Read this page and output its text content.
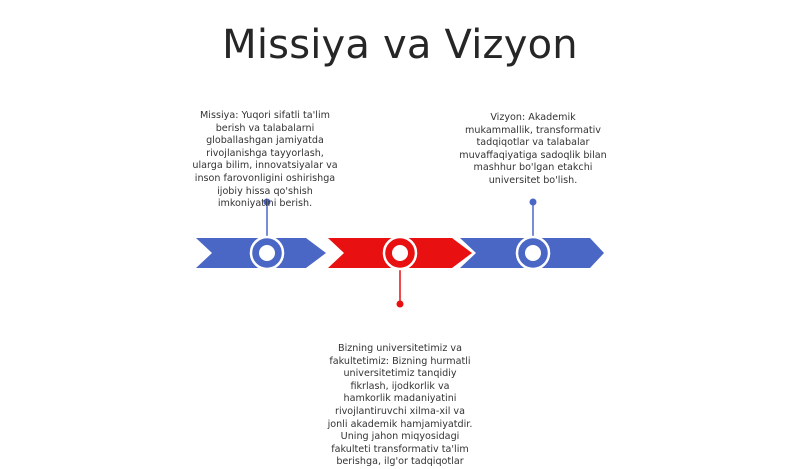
Missiya va Vizyon
Missiya: Yuqori sifatli ta'lim berish va talabalarni globallashgan jamiyatda rivojlanishga tayyorlash, ularga bilim, innovatsiyalar va inson farovonligini oshirishga ijobiy hissa qo'shish imkoniyatini berish.
Vizyon: Akademik mukammallik, transformativ tadqiqotlar va talabalar muvaffaqiyatiga sadoqlik bilan mashhur bo'lgan etakchi universitet bo'lish.
Bizning universitetimiz va fakultetimiz: Bizning hurmatli universitetimiz tanqidiy fikrlash, ijodkorlik va hamkorlik madaniyatini rivojlantiruvchi xilma-xil va jonli akademik hamjamiyatdir. Uning jahon miqyosidagi fakulteti transformativ ta'lim berishga, ilg'or tadqiqotlar
